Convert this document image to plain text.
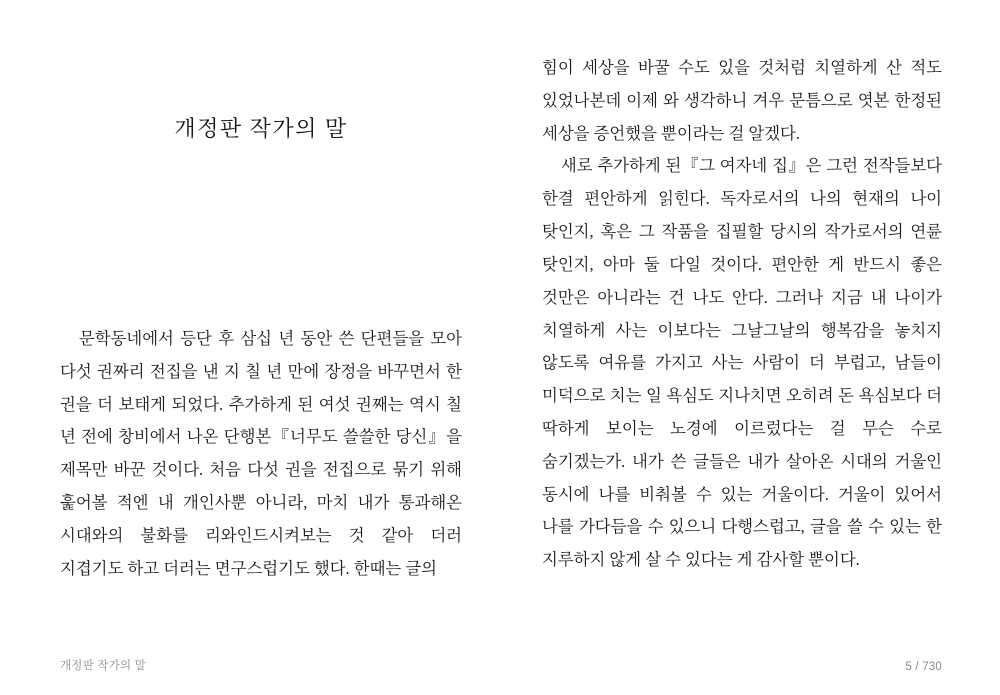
개정판 작가의 말

문학동네에서 등단 후 삼십 년 동안 쓴 단편들을 모아 다섯 권짜리 전집을 낸 지 칠 년 만에 장정을 바꾸면서 한 권을 더 보태게 되었다. 추가하게 된 여섯 권째는 역시 칠 년 전에 창비에서 나온 단행본『너무도 쓸쓸한 당신』을 제목만 바꾼 것이다. 처음 다섯 권을 전집으로 묶기 위해 훑어볼 적엔 내 개인사뿐 아니라, 마치 내가 통과해온 시대와의 불화를 리와인드시켜보는 것 같아 더러 지겹기도 하고 더러는 면구스럽기도 했다. 한때는 글의

힘이 세상을 바꿀 수도 있을 것처럼 치열하게 산 적도 있었나본데 이제 와 생각하니 겨우 문틈으로 엿본 한정된 세상을 증언했을 뿐이라는 걸 알겠다.

새로 추가하게 된『그 여자네 집』은 그런 전작들보다 한결 편안하게 읽힌다. 독자로서의 나의 현재의 나이 탓인지, 혹은 그 작품을 집필할 당시의 작가로서의 연륜 탓인지, 아마 둘 다일 것이다. 편안한 게 반드시 좋은 것만은 아니라는 건 나도 안다. 그러나 지금 내 나이가 치열하게 사는 이보다는 그날그날의 행복감을 놓치지 않도록 여유를 가지고 사는 사람이 더 부럽고, 남들이 미덕으로 치는 일 욕심도 지나치면 오히려 돈 욕심보다 더 딱하게 보이는 노경에 이르렀다는 걸 무슨 수로 숨기겠는가. 내가 쓴 글들은 내가 살아온 시대의 거울인 동시에 나를 비춰볼 수 있는 거울이다. 거울이 있어서 나를 가다듬을 수 있으니 다행스럽고, 글을 쓸 수 있는 한 지루하지 않게 살 수 있다는 게 감사할 뿐이다.

개정판 작가의 말	5 / 730
